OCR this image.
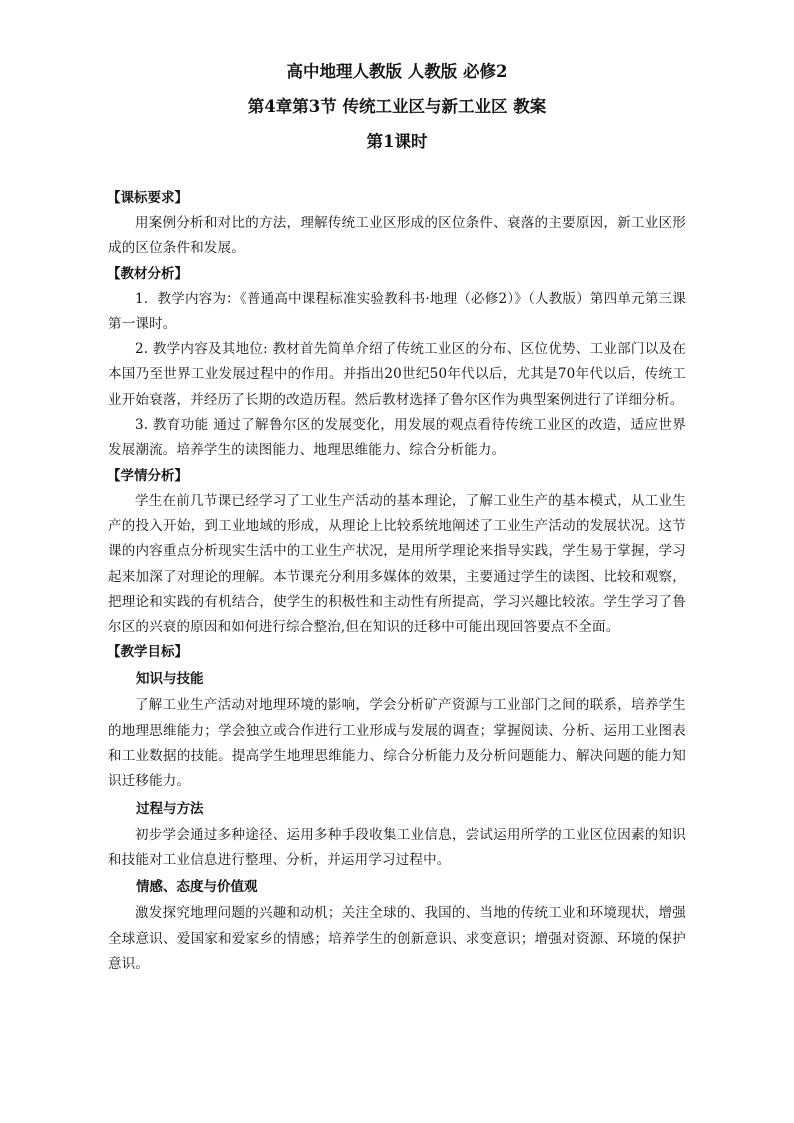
高中地理人教版 人教版 必修2

第4章第3节 传统工业区与新工业区 教案

第1课时

【课标要求】

用案例分析和对比的方法，理解传统工业区形成的区位条件、衰落的主要原因，新工业区形成的区位条件和发展。

【教材分析】

1．教学内容为：《普通高中课程标准实验教科书·地理（必修2）》（人教版）第四单元第三课第一课时。

2. 教学内容及其地位: 教材首先简单介绍了传统工业区的分布、区位优势、工业部门以及在本国乃至世界工业发展过程中的作用。并指出20世纪50年代以后，尤其是70年代以后，传统工业开始衰落，并经历了长期的改造历程。然后教材选择了鲁尔区作为典型案例进行了详细分析。

3. 教育功能 通过了解鲁尔区的发展变化，用发展的观点看待传统工业区的改造，适应世界发展潮流。培养学生的读图能力、地理思维能力、综合分析能力。

【学情分析】

学生在前几节课已经学习了工业生产活动的基本理论，了解工业生产的基本模式，从工业生产的投入开始，到工业地域的形成，从理论上比较系统地阐述了工业生产活动的发展状况。这节课的内容重点分析现实生活中的工业生产状况，是用所学理论来指导实践，学生易于掌握，学习起来加深了对理论的理解。本节课充分利用多媒体的效果，主要通过学生的读图、比较和观察，把理论和实践的有机结合，使学生的积极性和主动性有所提高，学习兴趣比较浓。学生学习了鲁尔区的兴衰的原因和如何进行综合整治,但在知识的迁移中可能出现回答要点不全面。

【教学目标】

知识与技能

了解工业生产活动对地理环境的影响，学会分析矿产资源与工业部门之间的联系，培养学生的地理思维能力；学会独立或合作进行工业形成与发展的调查；掌握阅读、分析、运用工业图表和工业数据的技能。提高学生地理思维能力、综合分析能力及分析问题能力、解决问题的能力知识迁移能力。

过程与方法

初步学会通过多种途径、运用多种手段收集工业信息，尝试运用所学的工业区位因素的知识和技能对工业信息进行整理、分析，并运用学习过程中。

情感、态度与价值观

激发探究地理问题的兴趣和动机；关注全球的、我国的、当地的传统工业和环境现状，增强全球意识、爱国家和爱家乡的情感；培养学生的创新意识、求变意识；增强对资源、环境的保护意识。
